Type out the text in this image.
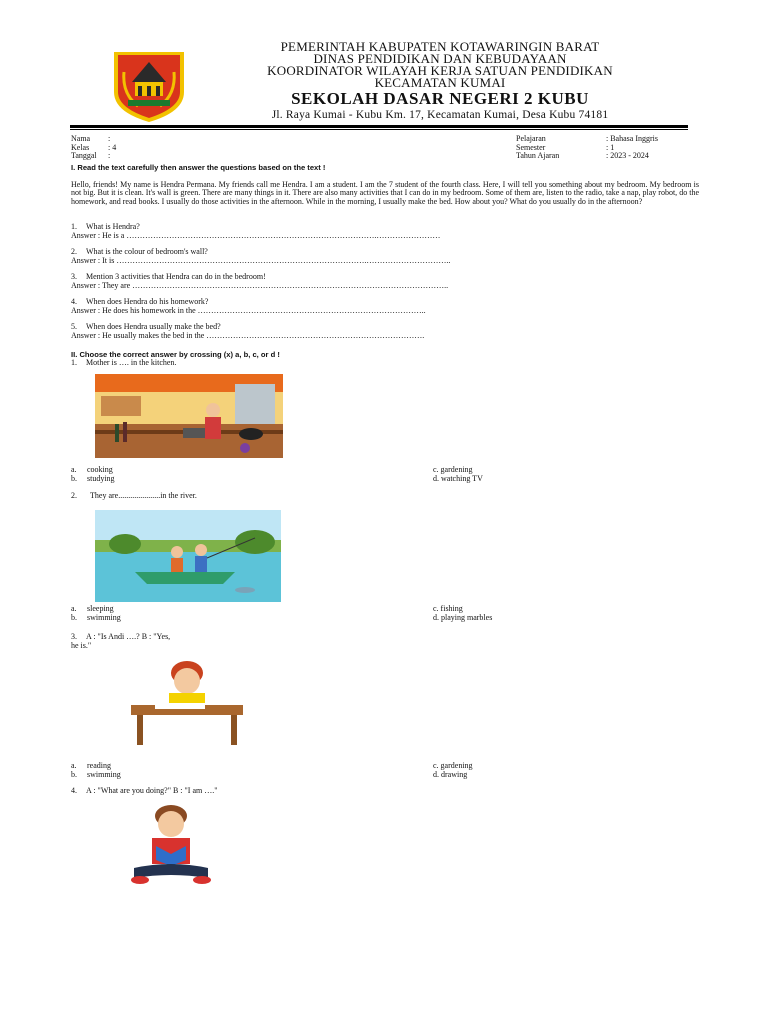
PEMERINTAH KABUPATEN KOTAWARINGIN BARAT
DINAS PENDIDIKAN DAN KEBUDAYAAN
KOORDINATOR WILAYAH KERJA SATUAN PENDIDIKAN
KECAMATAN KUMAI
SEKOLAH DASAR NEGERI 2 KUBU
Jl. Raya Kumai - Kubu Km. 17, Kecamatan Kumai, Desa Kubu 74181
Nama	:
Kelas	: 4
Tanggal	:
Pelajaran	: Bahasa Inggris
Semester	: 1
Tahun Ajaran	: 2023 - 2024
I. Read the text carefully then answer the questions based on the text !
Hello, friends! My name is Hendra Permana. My friends call me Hendra. I am a student. I am the 7 student of the fourth class. Here, I will tell you something about my bedroom. My bedroom is not big. But it is clean. It's wall is green. There are many things in it. There are also many activities that I can do in my bedroom. Some of them are, listen to the radio, take a nap, play robot, do the homework, and read books. I usually do those activities in the afternoon. While in the morning, I usually make the bed. How about you? What do you usually do in the afternoon?
1. What is Hendra?
Answer : He is a ………………………………………………………………………………….……………………
2. What is the colour of bedroom's wall?
Answer : It is ………………………………………………………………………………….…………………………..
3. Mention 3 activities that Hendra can do in the bedroom!
Answer : They are ………………………………………………………………………………………………………..
4. When does Hendra do his homework?
Answer : He does his homework in the …………………………………………………………………………..
5. When does Hendra usually make the bed?
Answer : He usually makes the bed in the ……………………………………………………………………….
II. Choose the correct answer by crossing (x) a, b, c, or d !
1. Mother is …. in the kitchen.
a. cooking
b. studying
c. gardening
d. watching TV
2. They are.....................in the river.
a. sleeping
b. swimming
c. fishing
d. playing marbles
3. A : "Is Andi ….? B : "Yes,
he is."
a. reading
b. swimming
c. gardening
d. drawing
4. A : "What are you doing?" B : "I am …."
